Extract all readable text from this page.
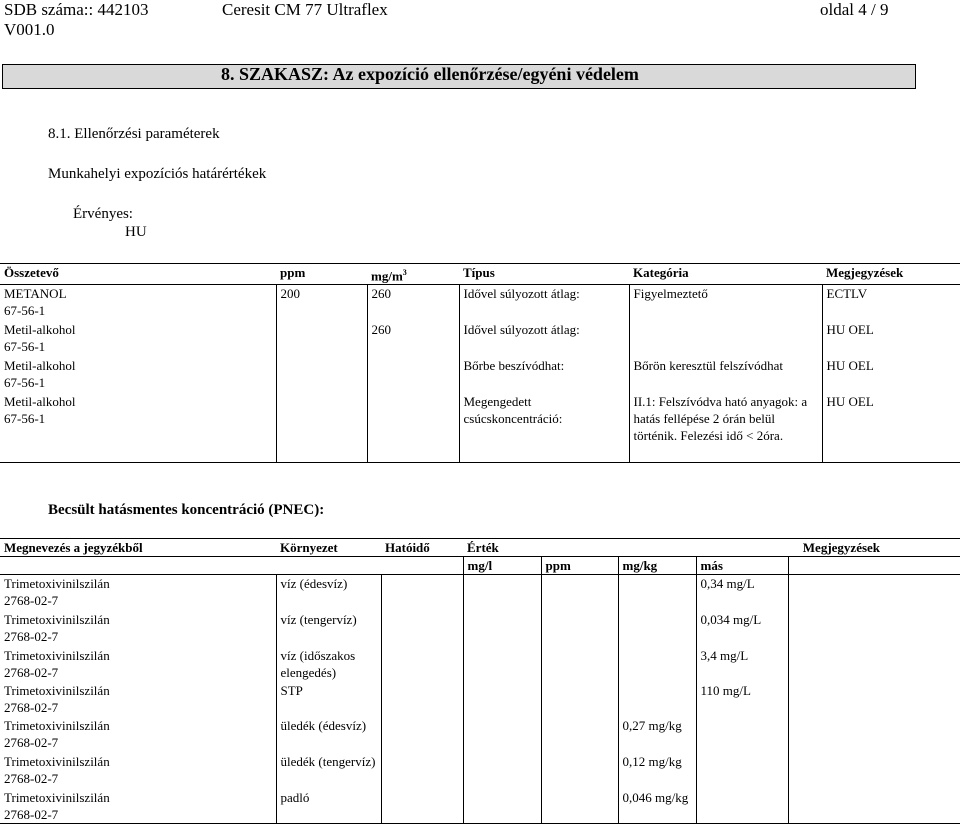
SDB száma:: 442103
V001.0
Ceresit CM 77 Ultraflex	oldal 4 / 9
8. SZAKASZ: Az expozíció ellenőrzése/egyéni védelem
8.1. Ellenőrzési paraméterek
Munkahelyi expozíciós határértékek
Érvényes:
HU
Összetevő	ppm	$mg/m^3$	Típus	Kategória	Megjegyzések
METANOL
67-56-1	200	260	Idővel súlyozott átlag:	Figyelmeztető	ECTLV
Metil-alkohol
67-56-1		260	Idővel súlyozott átlag:		HU OEL
Metil-alkohol
67-56-1			Bőrbe beszívódhat:	Bőrön keresztül felszívódhat	HU OEL
Metil-alkohol
67-56-1			Megengedett csúcskoncentráció:	II.1: Felszívódva ható anyagok: a hatás fellépése 2 órán belül történik. Felezési idő < 2óra.	HU OEL
Becsült hatásmentes koncentráció (PNEC):
Megnevezés a jegyzékből	Környezet	Hatóidő	Érték				Megjegyzések
			mg/l	ppm	mg/kg	más	
Trimetoxivinilszilán
2768-02-7	víz (édesvíz)					0,34 mg/L	
Trimetoxivinilszilán
2768-02-7	víz (tengervíz)					0,034 mg/L	
Trimetoxivinilszilán
2768-02-7	víz (időszakos elengedés)					3,4 mg/L	
Trimetoxivinilszilán
2768-02-7	STP					110 mg/L	
Trimetoxivinilszilán
2768-02-7	üledék (édesvíz)				0,27 mg/kg		
Trimetoxivinilszilán
2768-02-7	üledék (tengervíz)				0,12 mg/kg		
Trimetoxivinilszilán
2768-02-7	padló				0,046 mg/kg		
